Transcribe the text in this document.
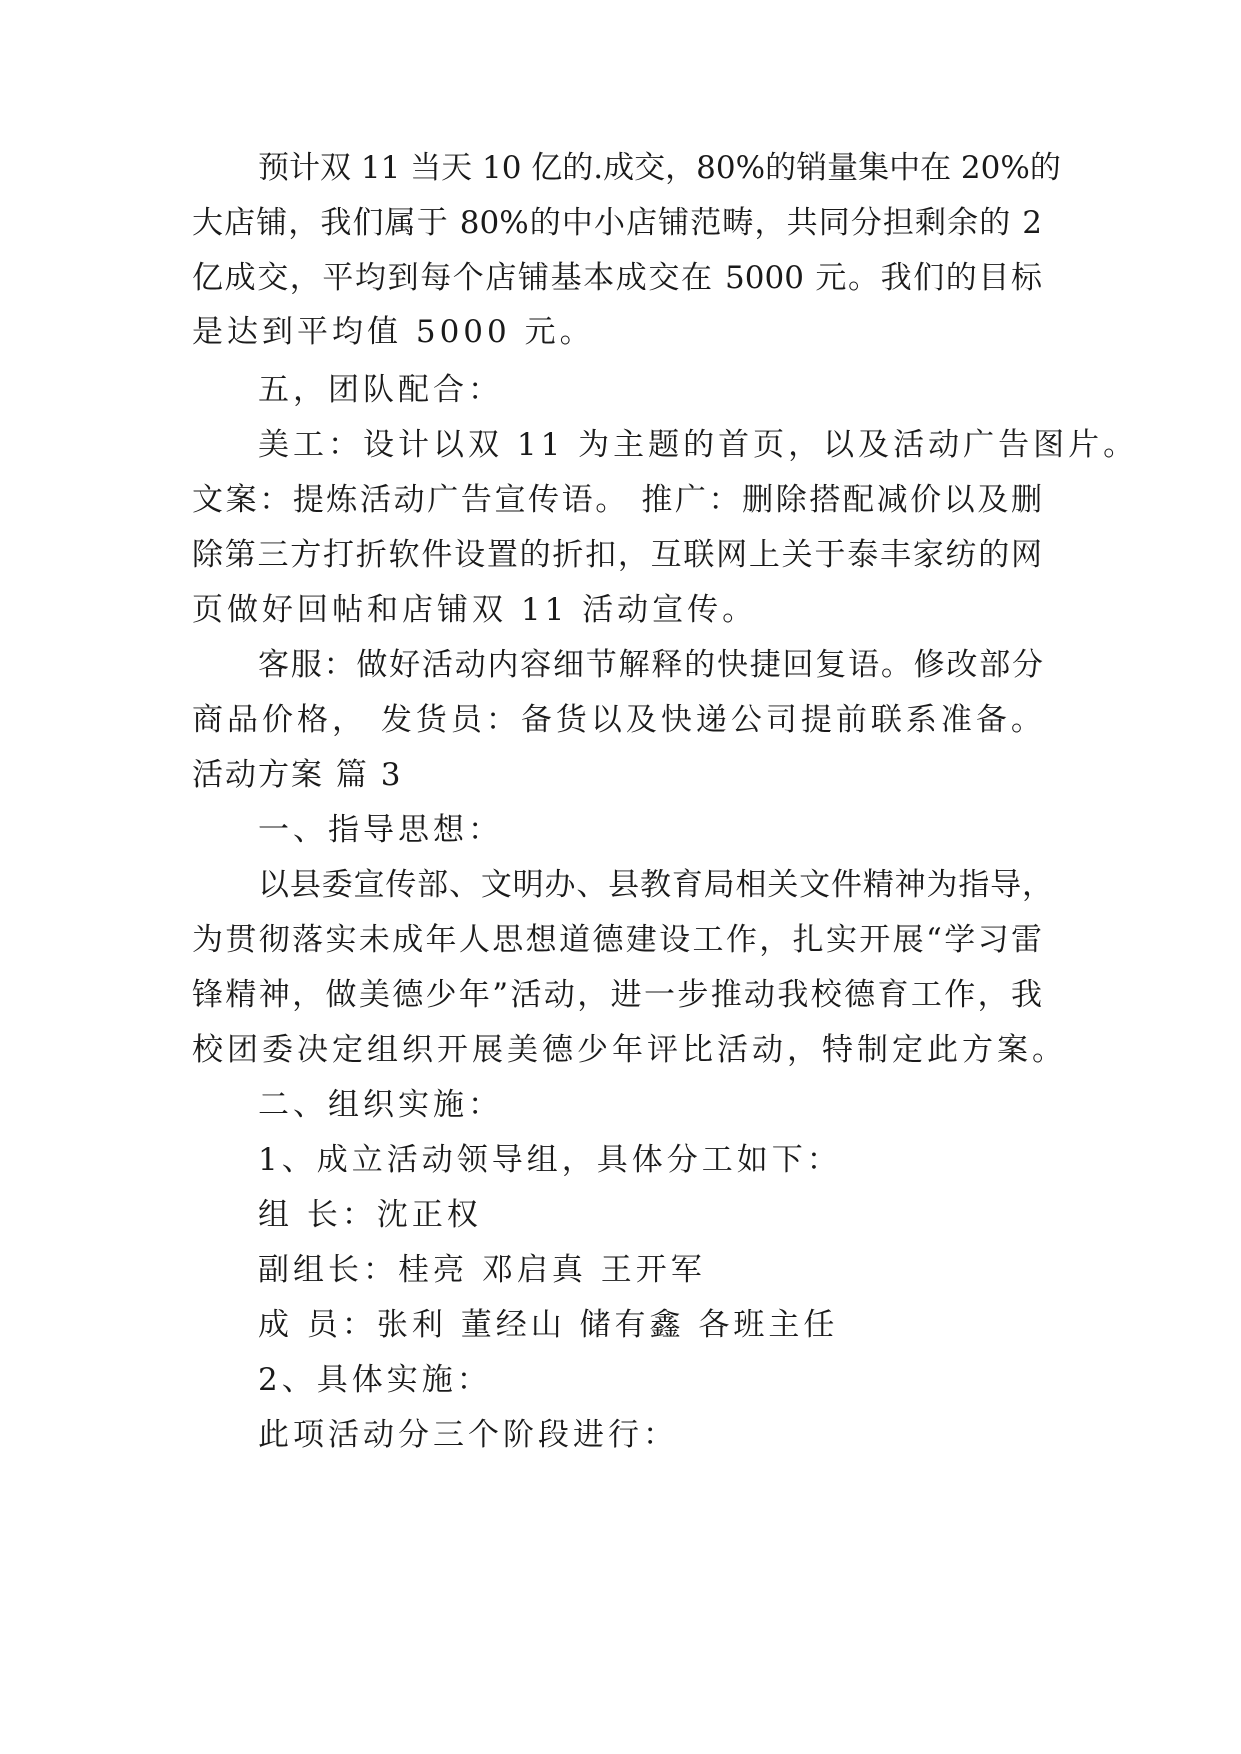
预计双 11 当天 10 亿的.成交，80%的销量集中在 20%的

大店铺，我们属于 80%的中小店铺范畴，共同分担剩余的 2

亿成交，平均到每个店铺基本成交在 5000 元。我们的目标

是达到平均值 5000 元。

五，团队配合：

美工：设计以双 11 为主题的首页，以及活动广告图片。

文案：提炼活动广告宣传语。 推广：删除搭配减价以及删

除第三方打折软件设置的折扣，互联网上关于泰丰家纺的网

页做好回帖和店铺双 11 活动宣传。

客服：做好活动内容细节解释的快捷回复语。修改部分

商品价格， 发货员：备货以及快递公司提前联系准备。

活动方案 篇 3

一、指导思想：

以县委宣传部、文明办、县教育局相关文件精神为指导，

为贯彻落实未成年人思想道德建设工作，扎实开展“学习雷

锋精神，做美德少年”活动，进一步推动我校德育工作，我

校团委决定组织开展美德少年评比活动，特制定此方案。

二、组织实施：

1、成立活动领导组，具体分工如下：

组 长：沈正权

副组长：桂亮 邓启真 王开军

成 员：张利 董经山 储有鑫 各班主任

2、具体实施：

此项活动分三个阶段进行：
